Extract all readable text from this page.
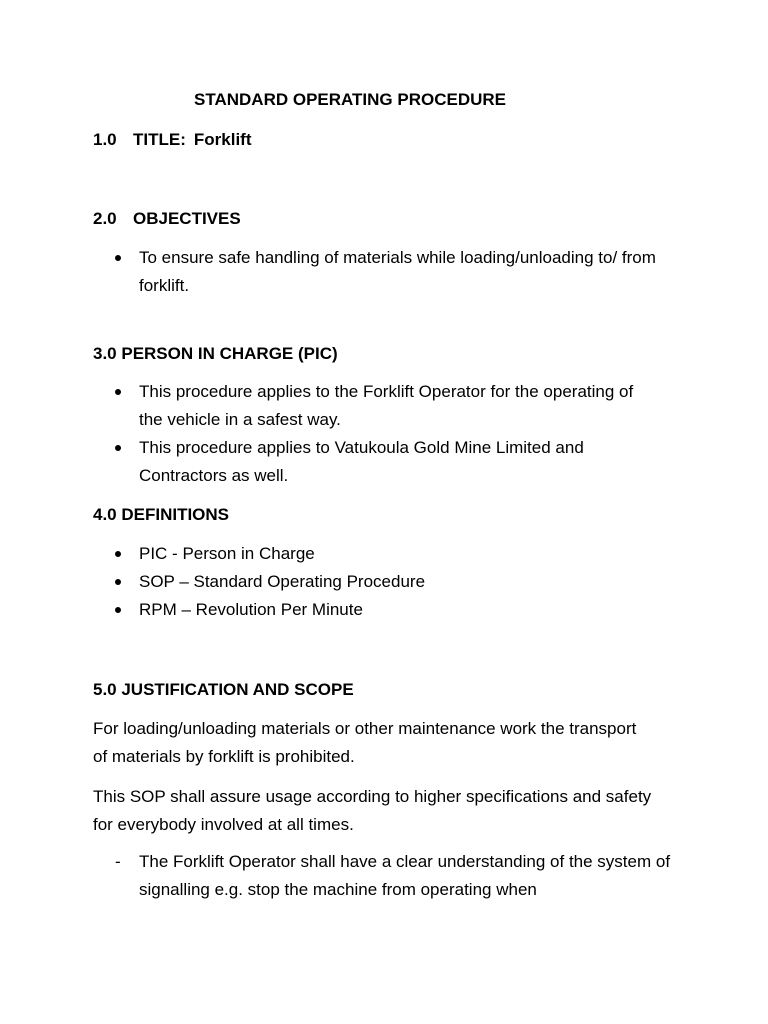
STANDARD OPERATING PROCEDURE
1.0 TITLE: Forklift
2.0 OBJECTIVES
To ensure safe handling of materials while loading/unloading to/ from forklift.
3.0 PERSON IN CHARGE (PIC)
This procedure applies to the Forklift Operator for the operating of the vehicle in a safest way.
This procedure applies to Vatukoula Gold Mine Limited and Contractors as well.
4.0 DEFINITIONS
PIC - Person in Charge
SOP – Standard Operating Procedure
RPM – Revolution Per Minute
5.0 JUSTIFICATION AND SCOPE

For loading/unloading materials or other maintenance work the transport of materials by forklift is prohibited.

This SOP shall assure usage according to higher specifications and safety for everybody involved at all times.

- The Forklift Operator shall have a clear understanding of the system of signalling e.g. stop the machine from operating when
